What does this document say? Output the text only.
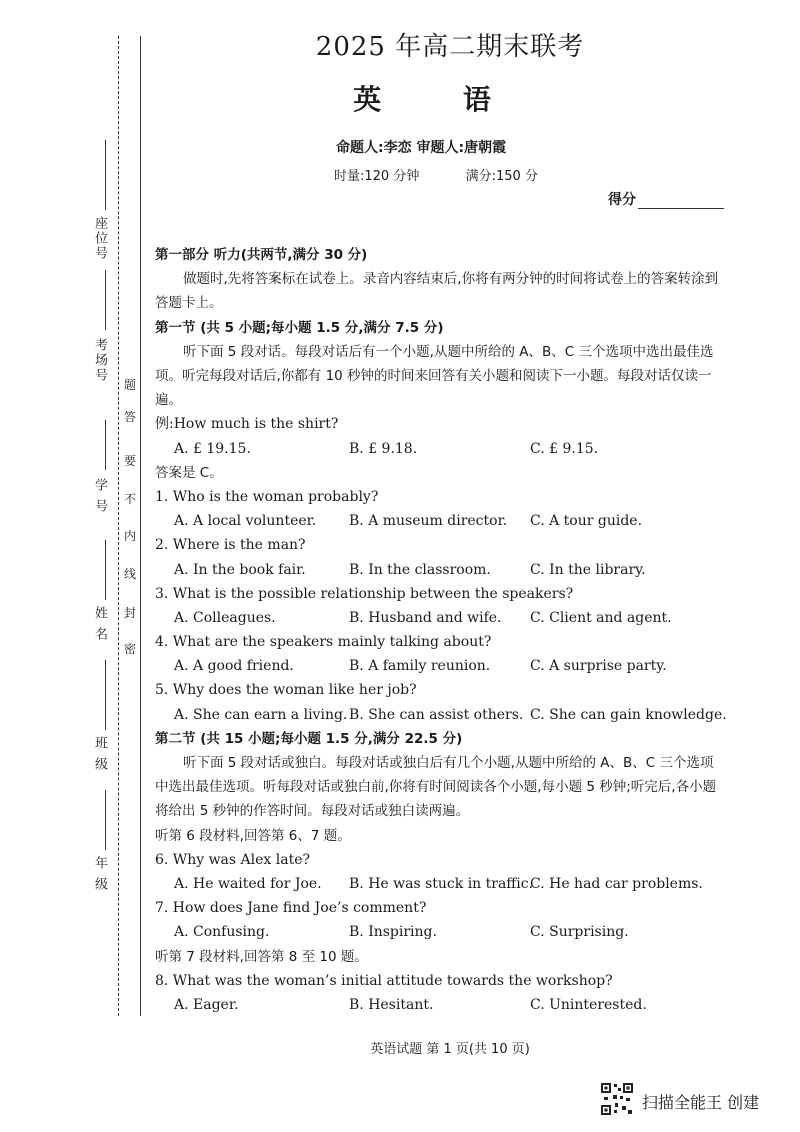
座位号
考场号
学 号
姓 名
班 级
年 级
题
答
要
不
内
线
封
密
2025 年高二期末联考
英 语
命题人:李恋 审题人:唐朝霞
时量:120 分钟	满分:150 分
得分
第一部分 听力(共两节,满分 30 分)
做题时,先将答案标在试卷上。录音内容结束后,你将有两分钟的时间将试卷上的答案转涂到答题卡上。
第一节 (共 5 小题;每小题 1.5 分,满分 7.5 分)
听下面 5 段对话。每段对话后有一个小题,从题中所给的 A、B、C 三个选项中选出最佳选项。听完每段对话后,你都有 10 秒钟的时间来回答有关小题和阅读下一小题。每段对话仅读一遍。
例:How much is the shirt?
A. £ 19.15.	B. £ 9.18.	C. £ 9.15.
答案是 C。
1. Who is the woman probably?
A. A local volunteer. B. A museum director. C. A tour guide.
2. Where is the man?
A. In the book fair.	B. In the classroom.	C. In the library.
3. What is the possible relationship between the speakers?
A. Colleagues.	B. Husband and wife. C. Client and agent.
4. What are the speakers mainly talking about?
A. A good friend.	B. A family reunion.	C. A surprise party.
5. Why does the woman like her job?
A. She can earn a living. B. She can assist others. C. She can gain knowledge.
第二节 (共 15 小题;每小题 1.5 分,满分 22.5 分)
听下面 5 段对话或独白。每段对话或独白后有几个小题,从题中所给的 A、B、C 三个选项中选出最佳选项。听每段对话或独白前,你将有时间阅读各个小题,每小题 5 秒钟;听完后,各小题将给出 5 秒钟的作答时间。每段对话或独白读两遍。
听第 6 段材料,回答第 6、7 题。
6. Why was Alex late?
A. He waited for Joe. B. He was stuck in traffic.
C. He had car problems.
7. How does Jane find Joe’s comment?
A. Confusing.	B. Inspiring.	C. Surprising.
听第 7 段材料,回答第 8 至 10 题。
8. What was the woman’s initial attitude towards the workshop?
A. Eager.	B. Hesitant.	C. Uninterested.
英语试题 第 1 页(共 10 页)
扫描全能王 创建
